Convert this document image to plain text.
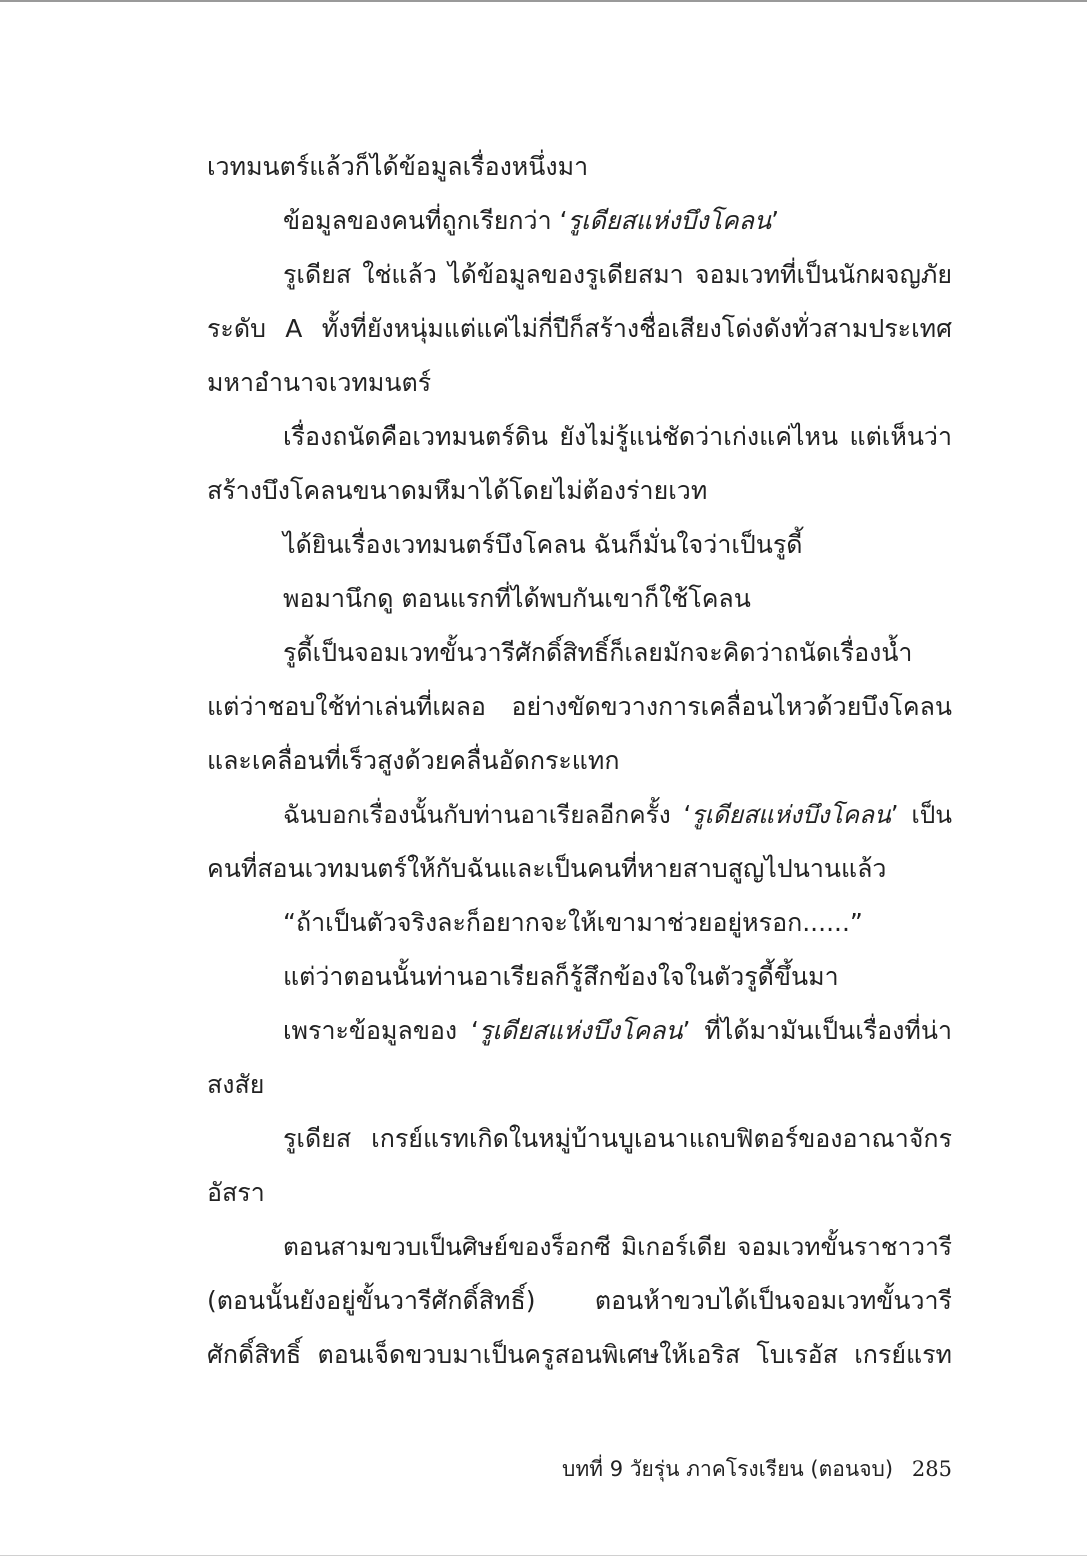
เวทมนตร์แล้วก็ได้ข้อมูลเรื่องหนึ่งมา
ข้อมูลของคนที่ถูกเรียกว่า ‘รูเดียสแห่งบึงโคลน’
รูเดียส ใช่แล้ว ได้ข้อมูลของรูเดียสมา จอมเวทที่เป็นนักผจญภัย
ระดับ A ทั้งที่ยังหนุ่มแต่แค่ไม่กี่ปีก็สร้างชื่อเสียงโด่งดังทั่วสามประเทศ
มหาอำนาจเวทมนตร์
เรื่องถนัดคือเวทมนตร์ดิน ยังไม่รู้แน่ชัดว่าเก่งแค่ไหน แต่เห็นว่า
สร้างบึงโคลนขนาดมหึมาได้โดยไม่ต้องร่ายเวท
ได้ยินเรื่องเวทมนตร์บึงโคลน ฉันก็มั่นใจว่าเป็นรูดี้
พอมานึกดู ตอนแรกที่ได้พบกันเขาก็ใช้โคลน
รูดี้เป็นจอมเวทขั้นวารีศักดิ์สิทธิ์ก็เลยมักจะคิดว่าถนัดเรื่องน้ำ
แต่ว่าชอบใช้ท่าเล่นที่เผลอ อย่างขัดขวางการเคลื่อนไหวด้วยบึงโคลน
และเคลื่อนที่เร็วสูงด้วยคลื่นอัดกระแทก
ฉันบอกเรื่องนั้นกับท่านอาเรียลอีกครั้ง ‘รูเดียสแห่งบึงโคลน’ เป็น
คนที่สอนเวทมนตร์ให้กับฉันและเป็นคนที่หายสาบสูญไปนานแล้ว
“ถ้าเป็นตัวจริงละก็อยากจะให้เขามาช่วยอยู่หรอก......”
แต่ว่าตอนนั้นท่านอาเรียลก็รู้สึกข้องใจในตัวรูดี้ขึ้นมา
เพราะข้อมูลของ ‘รูเดียสแห่งบึงโคลน’ ที่ได้มามันเป็นเรื่องที่น่า
สงสัย
รูเดียส เกรย์แรทเกิดในหมู่บ้านบูเอนาแถบฟิตอร์ของอาณาจักร
อัสรา
ตอนสามขวบเป็นศิษย์ของร็อกซี มิเกอร์เดีย จอมเวทขั้นราชาวารี
(ตอนนั้นยังอยู่ขั้นวารีศักดิ์สิทธิ์) ตอนห้าขวบได้เป็นจอมเวทขั้นวารี
ศักดิ์สิทธิ์ ตอนเจ็ดขวบมาเป็นครูสอนพิเศษให้เอริส โบเรอัส เกรย์แรท
บทที่ 9 วัยรุ่น ภาคโรงเรียน (ตอนจบ) 285
